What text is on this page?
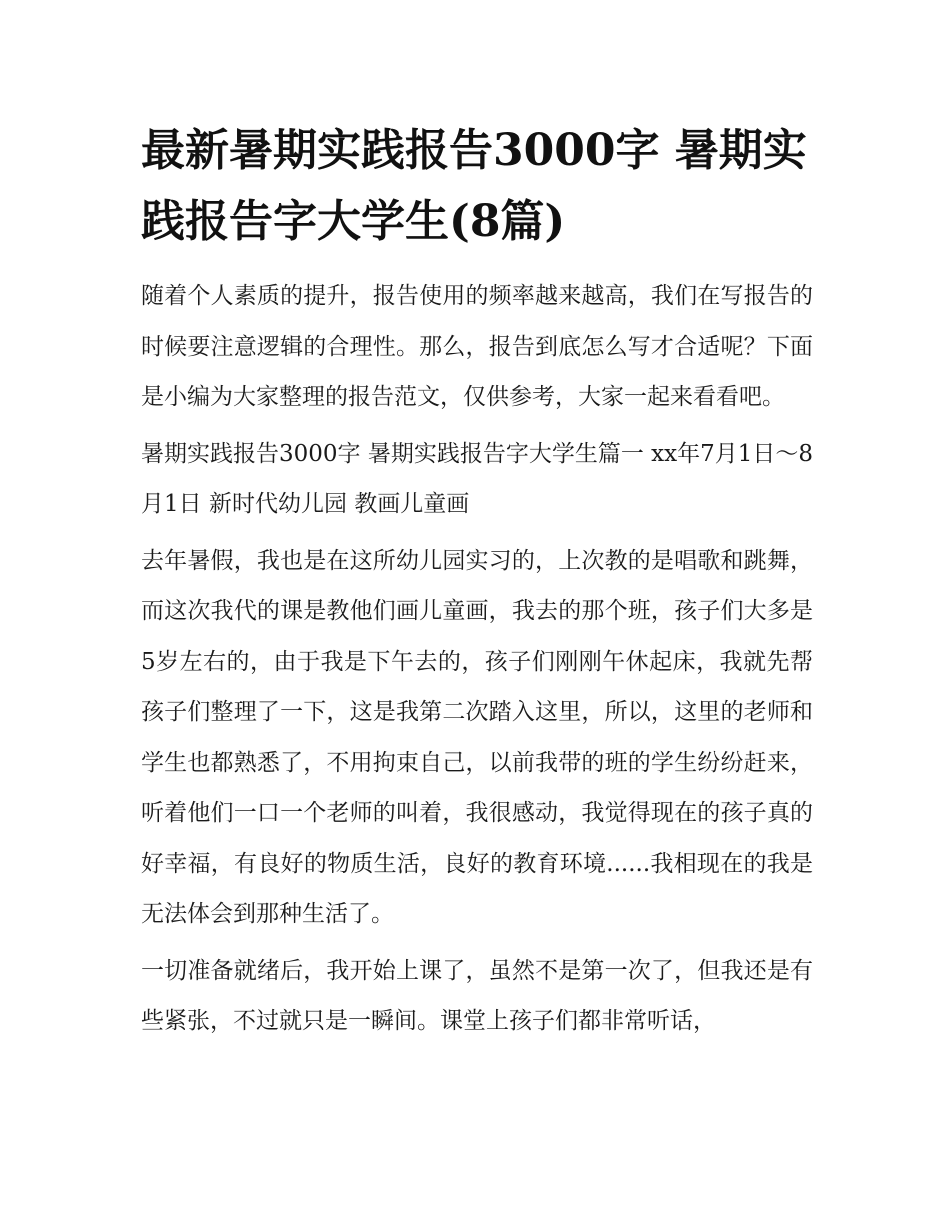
最新暑期实践报告3000字 暑期实践报告字大学生(8篇)

随着个人素质的提升，报告使用的频率越来越高，我们在写报告的时候要注意逻辑的合理性。那么，报告到底怎么写才合适呢？下面是小编为大家整理的报告范文，仅供参考，大家一起来看看吧。

暑期实践报告3000字 暑期实践报告字大学生篇一 xx年7月1日～8月1日 新时代幼儿园 教画儿童画

去年暑假，我也是在这所幼儿园实习的，上次教的是唱歌和跳舞，而这次我代的课是教他们画儿童画，我去的那个班，孩子们大多是5岁左右的，由于我是下午去的，孩子们刚刚午休起床，我就先帮孩子们整理了一下，这是我第二次踏入这里，所以，这里的老师和学生也都熟悉了，不用拘束自己，以前我带的班的学生纷纷赶来，听着他们一口一个老师的叫着，我很感动，我觉得现在的孩子真的好幸福，有良好的物质生活，良好的教育环境......我相现在的我是无法体会到那种生活了。

一切准备就绪后，我开始上课了，虽然不是第一次了，但我还是有些紧张，不过就只是一瞬间。课堂上孩子们都非常听话，
